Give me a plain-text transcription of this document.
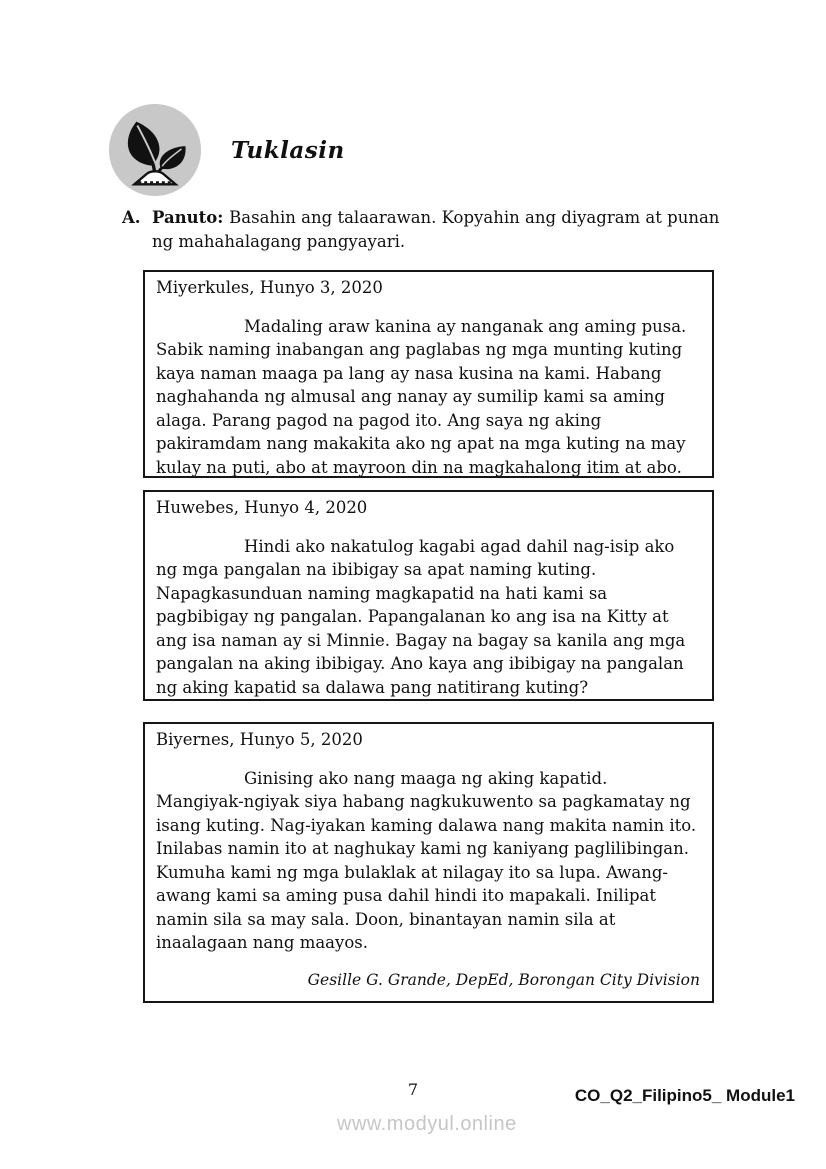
Tuklasin
A. Panuto: Basahin ang talaarawan. Kopyahin ang diyagram at punan ng mahahalagang pangyayari.
Miyerkules, Hunyo 3, 2020

Madaling araw kanina ay nanganak ang aming pusa. Sabik naming inabangan ang paglabas ng mga munting kuting kaya naman maaga pa lang ay nasa kusina na kami. Habang naghahanda ng almusal ang nanay ay sumilip kami sa aming alaga. Parang pagod na pagod ito. Ang saya ng aking pakiramdam nang makakita ako ng apat na mga kuting na may kulay na puti, abo at mayroon din na magkahalong itim at abo.

Huwebes, Hunyo 4, 2020

Hindi ako nakatulog kagabi agad dahil nag-isip ako ng mga pangalan na ibibigay sa apat naming kuting. Napagkasunduan naming magkapatid na hati kami sa pagbibigay ng pangalan. Papangalanan ko ang isa na Kitty at ang isa naman ay si Minnie. Bagay na bagay sa kanila ang mga pangalan na aking ibibigay. Ano kaya ang ibibigay na pangalan ng aking kapatid sa dalawa pang natitirang kuting?

Biyernes, Hunyo 5, 2020

Ginising ako nang maaga ng aking kapatid. Mangiyak-ngiyak siya habang nagkukuwento sa pagkamatay ng isang kuting. Nag-iyakan kaming dalawa nang makita namin ito. Inilabas namin ito at naghukay kami ng kaniyang paglilibingan. Kumuha kami ng mga bulaklak at nilagay ito sa lupa. Awang-awang kami sa aming pusa dahil hindi ito mapakali. Inilipat namin sila sa may sala. Doon, binantayan namin sila at inaalagaan nang maayos.

Gesille G. Grande, DepEd, Borongan City Division
7	CO_Q2_Filipino5_ Module1
www.modyul.online
